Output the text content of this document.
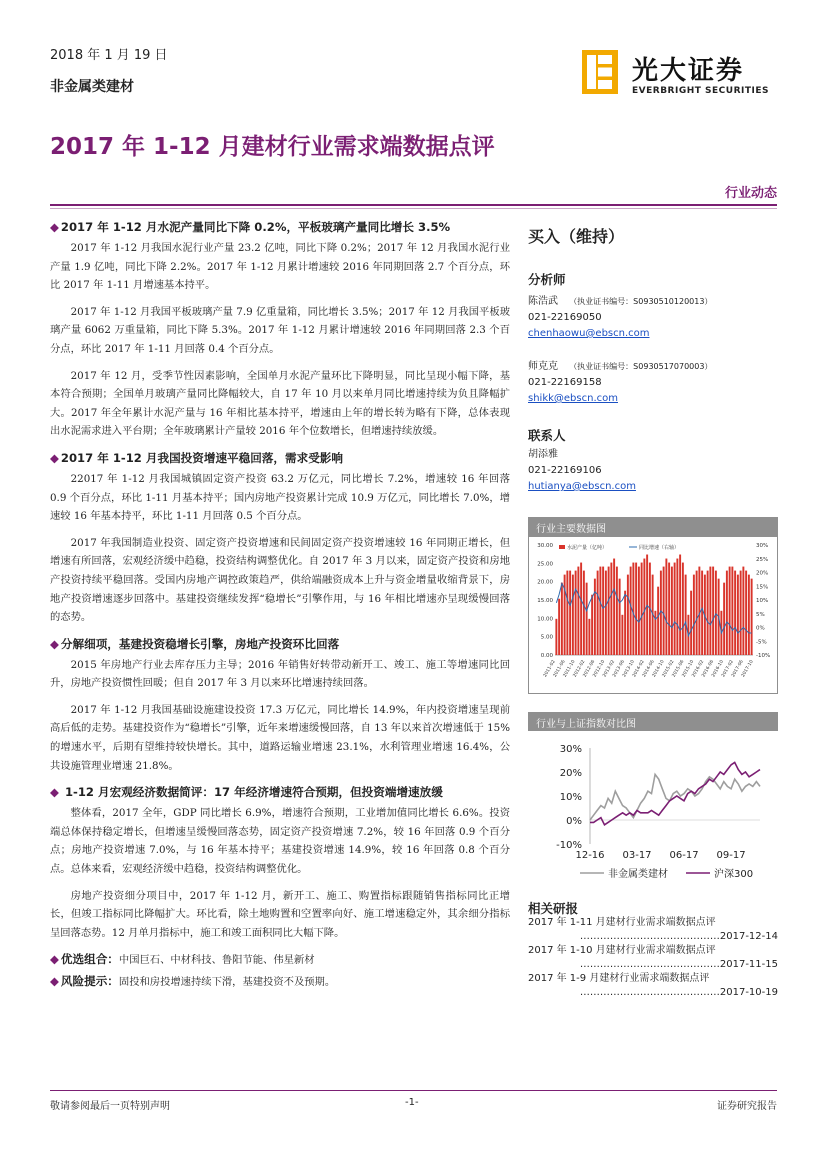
2018 年 1 月 19 日
非金属类建材
光大证券
EVERBRIGHT SECURITIES
2017 年 1-12 月建材行业需求端数据点评
行业动态
◆ 2017 年 1-12 月水泥产量同比下降 0.2%，平板玻璃产量同比增长 3.5%

2017 年 1-12 月我国水泥行业产量 23.2 亿吨，同比下降 0.2%；2017 年 12 月我国水泥行业产量 1.9 亿吨，同比下降 2.2%。2017 年 1-12 月累计增速较 2016 年同期回落 2.7 个百分点，环比 2017 年 1-11 月增速基本持平。

2017 年 1-12 月我国平板玻璃产量 7.9 亿重量箱，同比增长 3.5%；2017 年 12 月我国平板玻璃产量 6062 万重量箱，同比下降 5.3%。2017 年 1-12 月累计增速较 2016 年同期回落 2.3 个百分点，环比 2017 年 1-11 月回落 0.4 个百分点。

2017 年 12 月，受季节性因素影响，全国单月水泥产量环比下降明显，同比呈现小幅下降，基本符合预期；全国单月玻璃产量同比降幅较大，自 17 年 10 月以来单月同比增速持续为负且降幅扩大。2017 年全年累计水泥产量与 16 年相比基本持平，增速由上年的增长转为略有下降，总体表现出水泥需求进入平台期；全年玻璃累计产量较 2016 年个位数增长，但增速持续放缓。

◆ 2017 年 1-12 月我国投资增速平稳回落，需求受影响

22017 年 1-12 月我国城镇固定资产投资 63.2 万亿元，同比增长 7.2%，增速较 16 年回落 0.9 个百分点，环比 1-11 月基本持平；国内房地产投资累计完成 10.9 万亿元，同比增长 7.0%，增速较 16 年基本持平，环比 1-11 月回落 0.5 个百分点。

2017 年我国制造业投资、固定资产投资增速和民间固定资产投资增速较 16 年同期正增长，但增速有所回落，宏观经济缓中趋稳，投资结构调整优化。自 2017 年 3 月以来，固定资产投资和房地产投资持续平稳回落。受国内房地产调控政策趋严，供给端融资成本上升与资金增量收缩背景下，房地产投资增速逐步回落中。基建投资继续发挥“稳增长”引擎作用，与 16 年相比增速亦呈现缓慢回落的态势。

◆ 分解细项，基建投资稳增长引擎，房地产投资环比回落

2015 年房地产行业去库存压力主导；2016 年销售好转带动新开工、竣工、施工等增速同比回升，房地产投资惯性回暖；但自 2017 年 3 月以来环比增速持续回落。

2017 年 1-12 月我国基础设施建设投资 17.3 万亿元，同比增长 14.9%，年内投资增速呈现前高后低的走势。基建投资作为“稳增长”引擎，近年来增速缓慢回落，自 13 年以来首次增速低于 15%的增速水平，后期有望维持较快增长。其中，道路运输业增速 23.1%，水利管理业增速 16.4%，公共设施管理业增速 21.8%。

◆ 1-12 月宏观经济数据简评：17 年经济增速符合预期，但投资端增速放缓

整体看，2017 全年，GDP 同比增长 6.9%，增速符合预期，工业增加值同比增长 6.6%。投资端总体保持稳定增长，但增速呈缓慢回落态势，固定资产投资增速 7.2%，较 16 年回落 0.9 个百分点；房地产投资增速 7.0%，与 16 年基本持平；基建投资增速 14.9%，较 16 年回落 0.8 个百分点。总体来看，宏观经济缓中趋稳，投资结构调整优化。

房地产投资细分项目中，2017 年 1-12 月，新开工、施工、购置指标跟随销售指标同比正增长，但竣工指标同比降幅扩大。环比看，除土地购置和空置率向好、施工增速稳定外，其余细分指标呈回落态势。12 月单月指标中，施工和竣工面积同比大幅下降。

◆ 优选组合：中国巨石、中材科技、鲁阳节能、伟星新材
◆ 风险提示：固投和房投增速持续下滑，基建投资不及预期。
买入（维持）
分析师
陈浩武 （执业证书编号：S0930510120013）
021-22169050
chenhaowu@ebscn.com
师克克 （执业证书编号：S0930517070003）
021-22169158
shikk@ebscn.com
联系人
胡添雅
021-22169106
hutianya@ebscn.com
行业主要数据图
30.00
25.00
20.00
15.00
10.00
5.00
0.00
30%
25%
20%
15%
10%
5%
0%
-5%
-10%
2011-02
2011-06
2011-10
2012-02
2012-06
2012-10
2013-02
2013-06
2013-10
2014-02
2014-06
2014-10
2015-02
2015-06
2015-10
2016-02
2016-06
2016-10
2017-02
2017-06
2017-10
水泥产量（亿吨）	同比增速（右轴）
行业与上证指数对比图
30%
20%
10%
0%
-10%
12-16 03-17 06-17 09-17
非金属类建材	沪深300
相关研报
2017 年 1-11 月建材行业需求端数据点评
……………………………………2017-12-14
2017 年 1-10 月建材行业需求端数据点评
……………………………………2017-11-15
2017 年 1-9 月建材行业需求端数据点评
……………………………………2017-10-19
敬请参阅最后一页特别声明	-1-	证券研究报告
